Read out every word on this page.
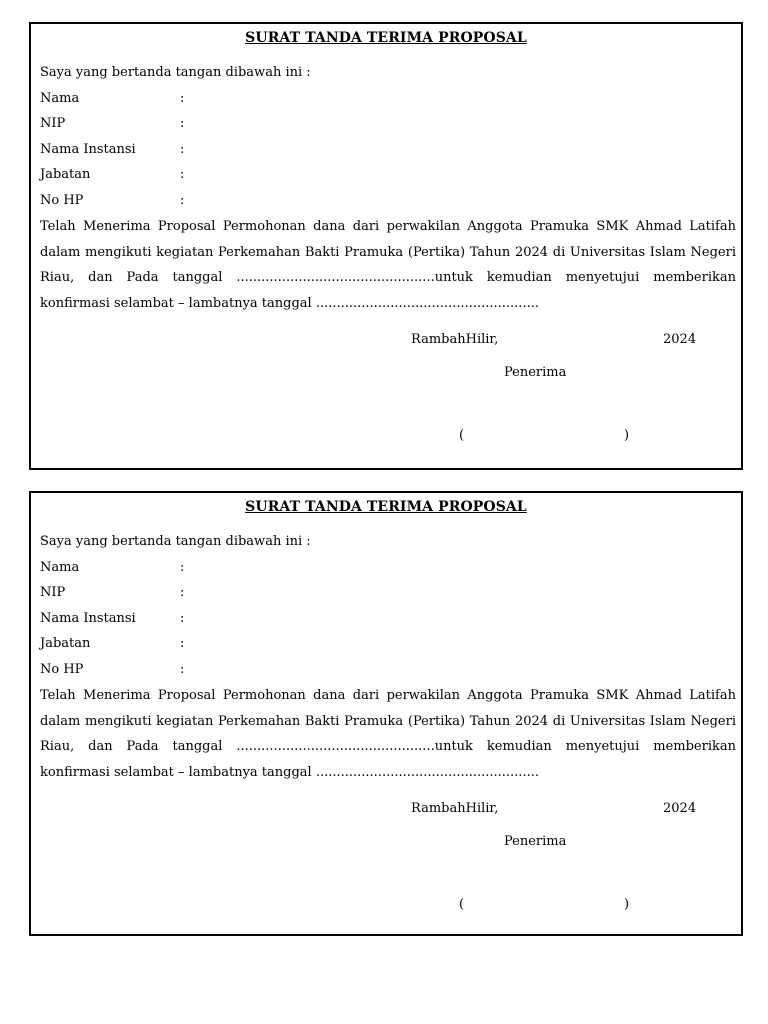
SURAT TANDA TERIMA PROPOSAL
Saya yang bertanda tangan dibawah ini :
Nama	:
NIP	:
Nama Instansi	:
Jabatan	:
No HP	:
Telah Menerima Proposal Permohonan dana dari perwakilan Anggota Pramuka SMK Ahmad Latifah dalam mengikuti kegiatan Perkemahan Bakti Pramuka (Pertika) Tahun 2024 di Universitas Islam Negeri Riau, dan Pada tanggal ................................................untuk kemudian menyetujui memberikan konfirmasi selambat – lambatnya tanggal ......................................................
RambahHilir,	2024
Penerima
(	)
SURAT TANDA TERIMA PROPOSAL
Saya yang bertanda tangan dibawah ini :
Nama	:
NIP	:
Nama Instansi	:
Jabatan	:
No HP	:
Telah Menerima Proposal Permohonan dana dari perwakilan Anggota Pramuka SMK Ahmad Latifah dalam mengikuti kegiatan Perkemahan Bakti Pramuka (Pertika) Tahun 2024 di Universitas Islam Negeri Riau, dan Pada tanggal ................................................untuk kemudian menyetujui memberikan konfirmasi selambat – lambatnya tanggal ......................................................
RambahHilir,	2024
Penerima
(	)
